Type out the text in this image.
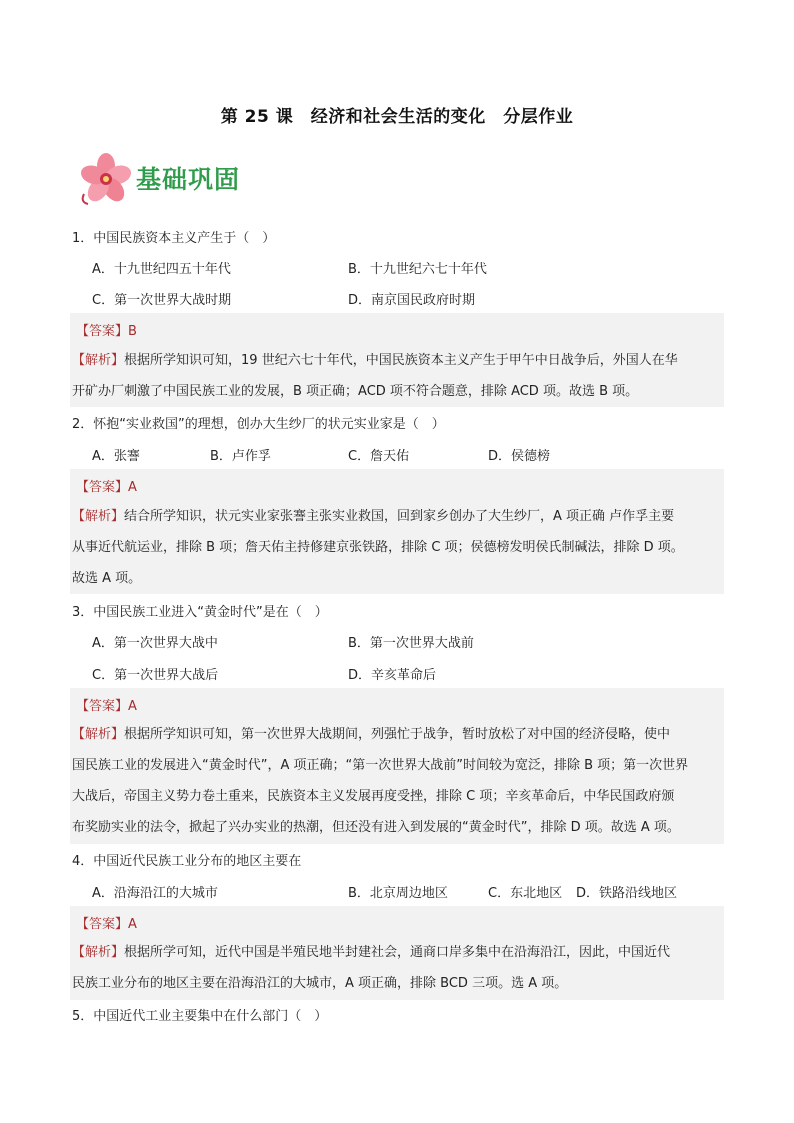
第 25 课　经济和社会生活的变化　分层作业
基础巩固
1．中国民族资本主义产生于（　）
A．十九世纪四五十年代	B．十九世纪六七十年代
C．第一次世界大战时期	D．南京国民政府时期
【答案】B
【解析】根据所学知识可知，19 世纪六七十年代，中国民族资本主义产生于甲午中日战争后，外国人在华
开矿办厂刺激了中国民族工业的发展，B 项正确；ACD 项不符合题意，排除 ACD 项。故选 B 项。
2．怀抱“实业救国”的理想，创办大生纱厂的状元实业家是（　）
A．张謇	B．卢作孚	C．詹天佑	D．侯德榜
【答案】A
【解析】结合所学知识，状元实业家张謇主张实业救国，回到家乡创办了大生纱厂，A 项正确 卢作孚主要
从事近代航运业，排除 B 项；詹天佑主持修建京张铁路，排除 C 项；侯德榜发明侯氏制碱法，排除 D 项。
故选 A 项。
3．中国民族工业进入“黄金时代”是在（　）
A．第一次世界大战中	B．第一次世界大战前
C．第一次世界大战后	D．辛亥革命后
【答案】A
【解析】根据所学知识可知，第一次世界大战期间，列强忙于战争，暂时放松了对中国的经济侵略，使中
国民族工业的发展进入“黄金时代”，A 项正确；“第一次世界大战前”时间较为宽泛，排除 B 项；第一次世界
大战后，帝国主义势力卷土重来，民族资本主义发展再度受挫，排除 C 项；辛亥革命后，中华民国政府颁
布奖励实业的法令，掀起了兴办实业的热潮，但还没有进入到发展的“黄金时代”，排除 D 项。故选 A 项。
4．中国近代民族工业分布的地区主要在
A．沿海沿江的大城市	B．北京周边地区	C．东北地区 D．铁路沿线地区
【答案】A
【解析】根据所学可知，近代中国是半殖民地半封建社会，通商口岸多集中在沿海沿江，因此，中国近代
民族工业分布的地区主要在沿海沿江的大城市，A 项正确，排除 BCD 三项。选 A 项。
5．中国近代工业主要集中在什么部门（　）
